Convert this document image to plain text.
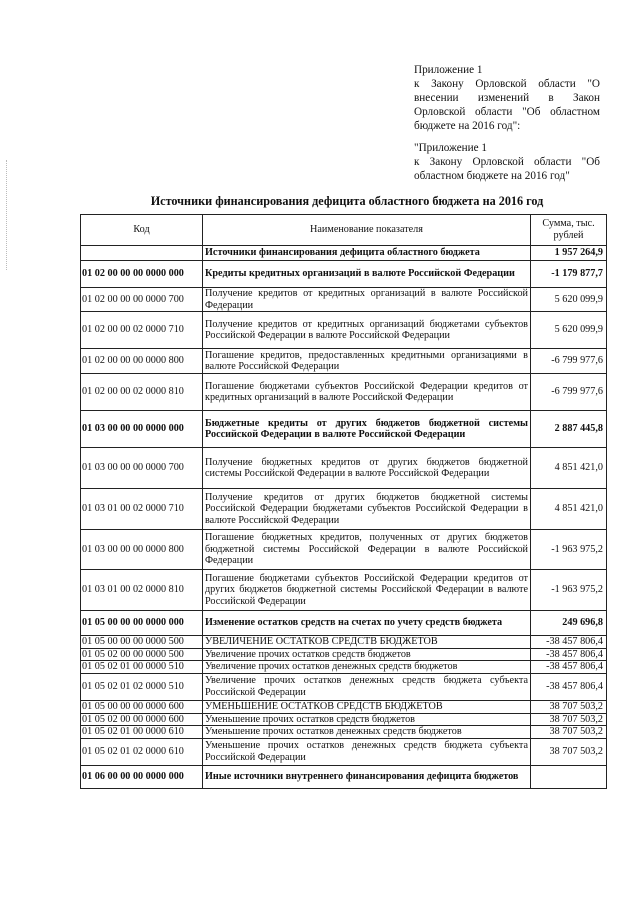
Приложение 1
к Закону Орловской области "О внесении изменений в Закон Орловской области "Об областном бюджете на 2016 год":
"Приложение 1
к Закону Орловской области "Об областном бюджете на 2016 год"
Источники финансирования дефицита областного бюджета на 2016 год
Код	Наименование показателя	Сумма, тыс. рублей
	Источники финансирования дефицита областного бюджета	1 957 264,9
01 02 00 00 00 0000 000	Кредиты кредитных организаций в валюте Российской Федерации	-1 179 877,7
01 02 00 00 00 0000 700	Получение кредитов от кредитных организаций в валюте Российской Федерации	5 620 099,9
01 02 00 00 02 0000 710	Получение кредитов от кредитных организаций бюджетами субъектов Российской Федерации в валюте Российской Федерации	5 620 099,9
01 02 00 00 00 0000 800	Погашение кредитов, предоставленных кредитными организациями в валюте Российской Федерации	-6 799 977,6
01 02 00 00 02 0000 810	Погашение бюджетами субъектов Российской Федерации кредитов от кредитных организаций в валюте Российской Федерации	-6 799 977,6
01 03 00 00 00 0000 000	Бюджетные кредиты от других бюджетов бюджетной системы Российской Федерации в валюте Российской Федерации	2 887 445,8
01 03 00 00 00 0000 700	Получение бюджетных кредитов от других бюджетов бюджетной системы Российской Федерации в валюте Российской Федерации	4 851 421,0
01 03 01 00 02 0000 710	Получение кредитов от других бюджетов бюджетной системы Российской Федерации бюджетами субъектов Российской Федерации в валюте Российской Федерации	4 851 421,0
01 03 00 00 00 0000 800	Погашение бюджетных кредитов, полученных от других бюджетов бюджетной системы Российской Федерации в валюте Российской Федерации	-1 963 975,2
01 03 01 00 02 0000 810	Погашение бюджетами субъектов Российской Федерации кредитов от других бюджетов бюджетной системы Российской Федерации в валюте Российской Федерации	-1 963 975,2
01 05 00 00 00 0000 000	Изменение остатков средств на счетах по учету средств бюджета	249 696,8
01 05 00 00 00 0000 500	УВЕЛИЧЕНИЕ ОСТАТКОВ СРЕДСТВ БЮДЖЕТОВ	-38 457 806,4
01 05 02 00 00 0000 500	Увеличение прочих остатков средств бюджетов	-38 457 806,4
01 05 02 01 00 0000 510	Увеличение прочих остатков денежных средств бюджетов	-38 457 806,4
01 05 02 01 02 0000 510	Увеличение прочих остатков денежных средств бюджета субъекта Российской Федерации	-38 457 806,4
01 05 00 00 00 0000 600	УМЕНЬШЕНИЕ ОСТАТКОВ СРЕДСТВ БЮДЖЕТОВ	38 707 503,2
01 05 02 00 00 0000 600	Уменьшение прочих остатков средств бюджетов	38 707 503,2
01 05 02 01 00 0000 610	Уменьшение прочих остатков денежных средств бюджетов	38 707 503,2
01 05 02 01 02 0000 610	Уменьшение прочих остатков денежных средств бюджета субъекта Российской Федерации	38 707 503,2
01 06 00 00 00 0000 000	Иные источники внутреннего финансирования дефицита бюджетов	
